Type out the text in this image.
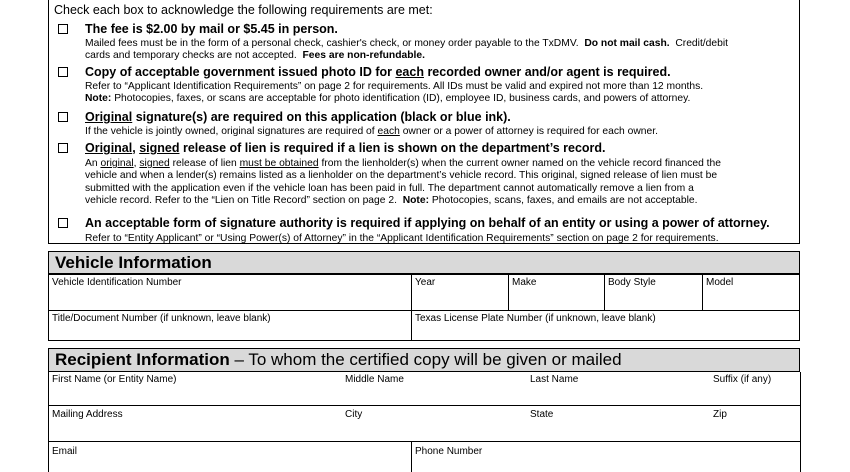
Check each box to acknowledge the following requirements are met:
The fee is $2.00 by mail or $5.45 in person.
Mailed fees must be in the form of a personal check, cashier's check, or money order payable to the TxDMV. Do not mail cash. Credit/debit
cards and temporary checks are not accepted. Fees are non-refundable.
Copy of acceptable government issued photo ID for each recorded owner and/or agent is required.
Refer to “Applicant Identification Requirements” on page 2 for requirements. All IDs must be valid and expired not more than 12 months.
Note: Photocopies, faxes, or scans are acceptable for photo identification (ID), employee ID, business cards, and powers of attorney.
Original signature(s) are required on this application (black or blue ink).
If the vehicle is jointly owned, original signatures are required of each owner or a power of attorney is required for each owner.
Original, signed release of lien is required if a lien is shown on the department’s record.
An original, signed release of lien must be obtained from the lienholder(s) when the current owner named on the vehicle record financed the
vehicle and when a lender(s) remains listed as a lienholder on the department’s vehicle record. This original, signed release of lien must be
submitted with the application even if the vehicle loan has been paid in full. The department cannot automatically remove a lien from a
vehicle record. Refer to the “Lien on Title Record” section on page 2. Note: Photocopies, scans, faxes, and emails are not acceptable.
An acceptable form of signature authority is required if applying on behalf of an entity or using a power of attorney.
Refer to “Entity Applicant” or “Using Power(s) of Attorney” in the “Applicant Identification Requirements” section on page 2 for requirements.
Vehicle Information
Vehicle Identification Number	Year	Make	Body Style	Model
Title/Document Number (if unknown, leave blank)	Texas License Plate Number (if unknown, leave blank)
Recipient Information – To whom the certified copy will be given or mailed
First Name (or Entity Name)	Middle Name	Last Name	Suffix (if any)
Mailing Address	City	State	Zip
Email	Phone Number
